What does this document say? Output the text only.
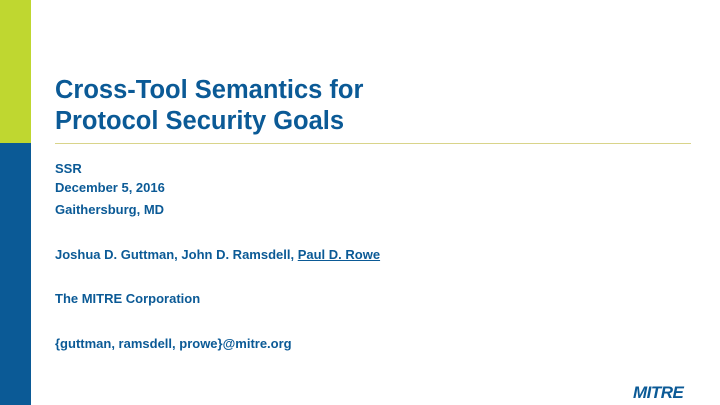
Cross-Tool Semantics for
Protocol Security Goals
SSR
December 5, 2016
Gaithersburg, MD
Joshua D. Guttman, John D. Ramsdell, Paul D. Rowe
The MITRE Corporation
{guttman, ramsdell, prowe}@mitre.org
MITRE
